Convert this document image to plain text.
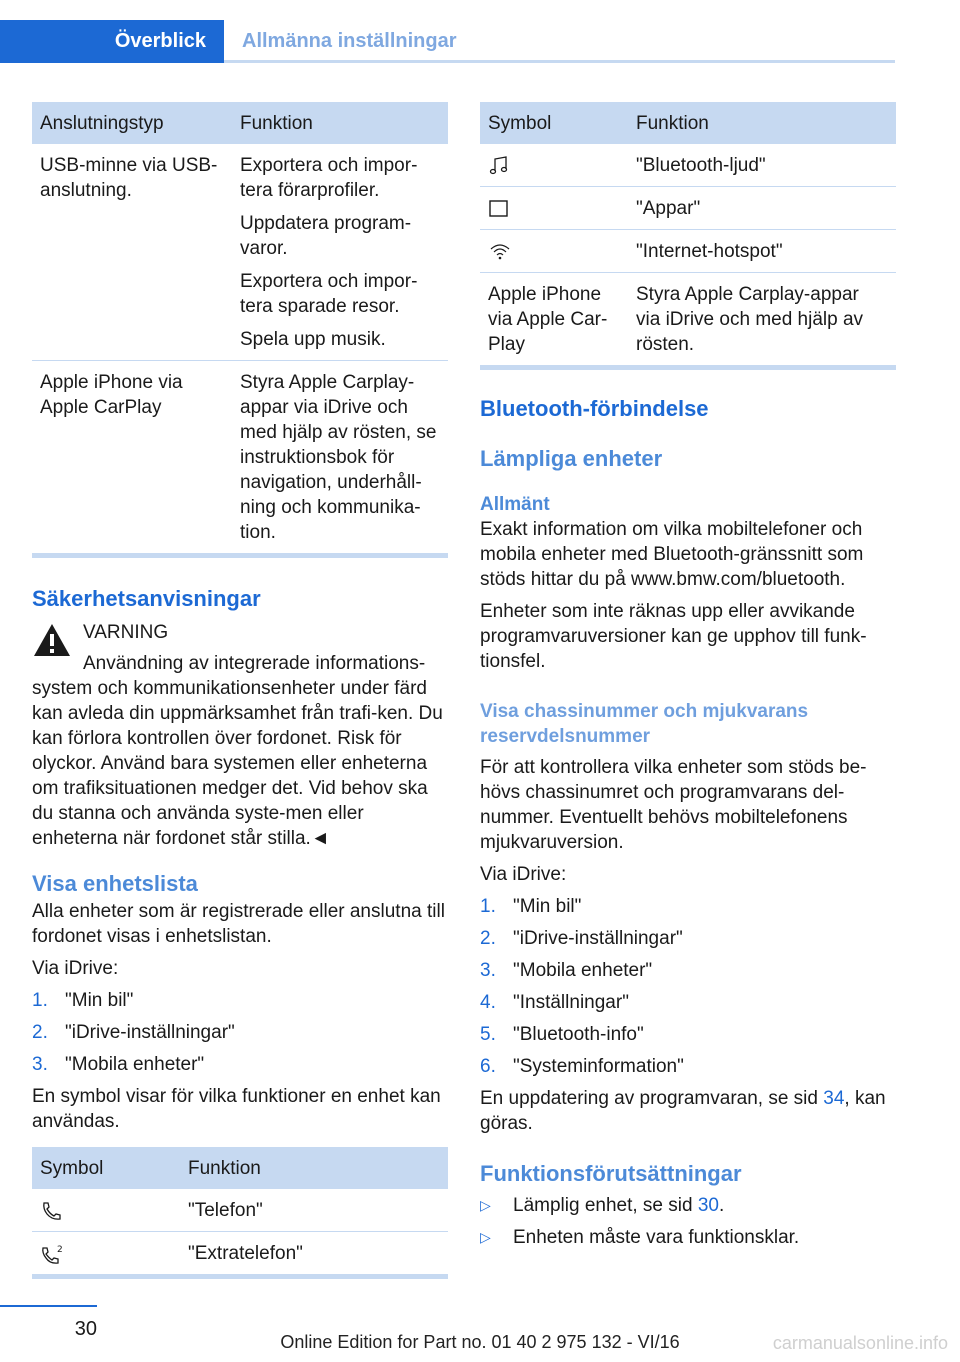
Överblick	Allmänna inställningar
Anslutningstyp	Funktion
USB-minne via USB-anslutning.	Exportera och impor-tera förarprofiler.
Uppdatera program-varor.
Exportera och impor-tera sparade resor.
Spela upp musik.

Apple iPhone via Apple CarPlay	Styra Apple Carplay-appar via iDrive och med hjälp av rösten, se instruktionsbok för navigation, underhåll-ning och kommunika-tion.
Säkerhetsanvisningar
VARNING
Användning av integrerade informations-
system och kommunikationsenheter under färd kan avleda din uppmärksamhet från trafi-ken. Du kan förlora kontrollen över fordonet. Risk för olyckor. Använd bara systemen eller enheterna om trafiksituationen medger det. Vid behov ska du stanna och använda syste-men eller enheterna när fordonet står stilla.◄
Visa enhetslista

Alla enheter som är registrerade eller anslutna till fordonet visas i enhetslistan.

Via iDrive:

1. "Min bil"
2. "iDrive-inställningar"
3. "Mobila enheter"

En symbol visar för vilka funktioner en enhet kan användas.

Symbol	Funktion

	"Telefon"

2	"Extratelefon"
Symbol	Funktion

	"Bluetooth-ljud"

	"Appar"

	"Internet-hotspot"
Apple iPhone via Apple Car-Play	Styra Apple Carplay-appar via iDrive och med hjälp av rösten.
Bluetooth-förbindelse
Lämpliga enheter
Allmänt

Exakt information om vilka mobiltelefoner och mobila enheter med Bluetooth-gränssnitt som stöds hittar du på www.bmw.com/bluetooth.

Enheter som inte räknas upp eller avvikande programvaruversioner kan ge upphov till funk-tionsfel.

Visa chassinummer och mjukvarans reservdelsnummer

För att kontrollera vilka enheter som stöds be-hövs chassinumret och programvarans del-nummer. Eventuellt behövs mobiltelefonens mjukvaruversion.

Via iDrive:

1. "Min bil"
2. "iDrive-inställningar"
3. "Mobila enheter"
4. "Inställningar"
5. "Bluetooth-info"
6. "Systeminformation"

En uppdatering av programvaran, se sid 34, kan göras.

Funktionsförutsättningar
▷ Lämplig enhet, se sid 30.
▷ Enheten måste vara funktionsklar.
30
Online Edition for Part no. 01 40 2 975 132 - VI/16	carmanualsonline.info
